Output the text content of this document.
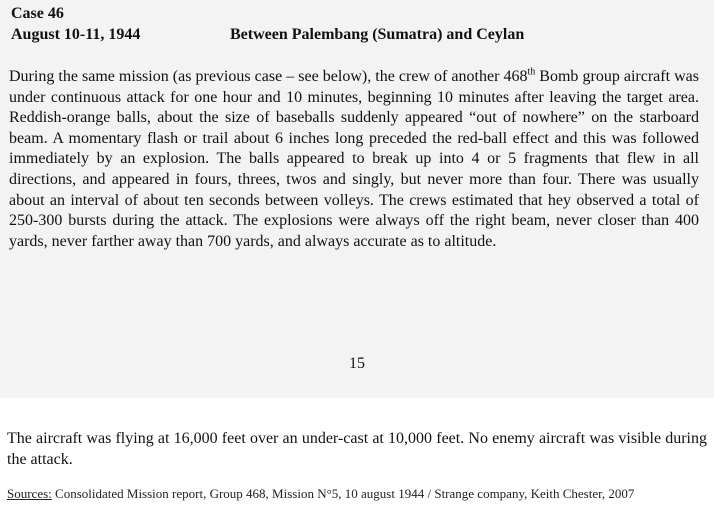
Case 46
August 10-11, 1944	Between Palembang (Sumatra) and Ceylan
During the same mission (as previous case – see below), the crew of another 468th Bomb group aircraft was under continuous attack for one hour and 10 minutes, beginning 10 minutes after leaving the target area. Reddish-orange balls, about the size of baseballs suddenly appeared “out of nowhere” on the starboard beam. A momentary flash or trail about 6 inches long preceded the red-ball effect and this was followed immediately by an explosion. The balls appeared to break up into 4 or 5 fragments that flew in all directions, and appeared in fours, threes, twos and singly, but never more than four. There was usually about an interval of about ten seconds between volleys. The crews estimated that hey observed a total of 250-300 bursts during the attack. The explosions were always off the right beam, never closer than 400 yards, never farther away than 700 yards, and always accurate as to altitude.
15
The aircraft was flying at 16,000 feet over an under-cast at 10,000 feet. No enemy aircraft was visible during the attack.
Sources: Consolidated Mission report, Group 468, Mission N°5, 10 august 1944 / Strange company, Keith Chester, 2007
